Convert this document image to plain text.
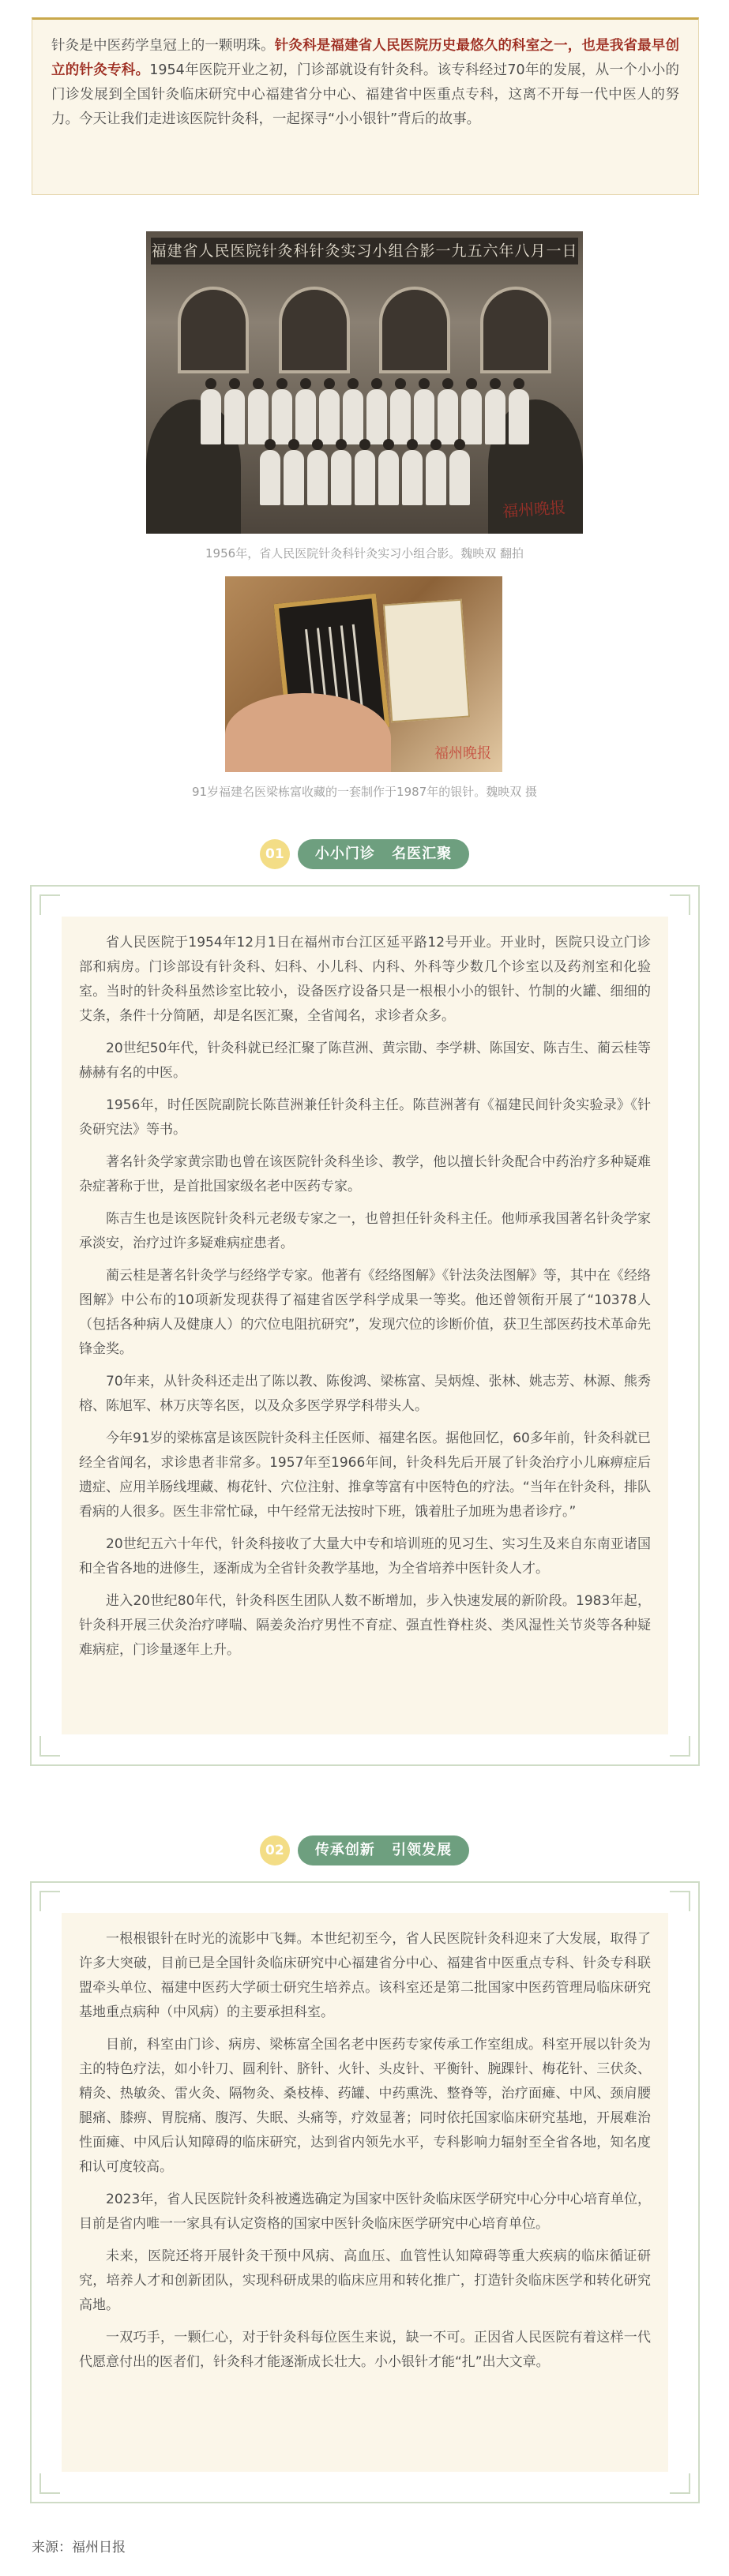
针灸是中医药学皇冠上的一颗明珠。针灸科是福建省人民医院历史最悠久的科室之一，也是我省最早创立的针灸专科。1954年医院开业之初，门诊部就设有针灸科。该专科经过70年的发展，从一个小小的门诊发展到全国针灸临床研究中心福建省分中心、福建省中医重点专科，这离不开每一代中医人的努力。今天让我们走进该医院针灸科，一起探寻“小小银针”背后的故事。
福建省人民医院针灸科针灸实习小组合影一九五六年八月一日
福州晚报
1956年，省人民医院针灸科针灸实习小组合影。魏映双 翻拍
福州晚报
91岁福建名医梁栋富收藏的一套制作于1987年的银针。魏映双 摄
01	小小门诊 名医汇聚

省人民医院于1954年12月1日在福州市台江区延平路12号开业。开业时，医院只设立门诊部和病房。门诊部设有针灸科、妇科、小儿科、内科、外科等少数几个诊室以及药剂室和化验室。当时的针灸科虽然诊室比较小，设备医疗设备只是一根根小小的银针、竹制的火罐、细细的艾条，条件十分简陋，却是名医汇聚，全省闻名，求诊者众多。

20世纪50年代，针灸科就已经汇聚了陈苣洲、黄宗勖、李学耕、陈国安、陈吉生、蔺云桂等赫赫有名的中医。

1956年，时任医院副院长陈苣洲兼任针灸科主任。陈苣洲著有《福建民间针灸实验录》《针灸研究法》等书。

著名针灸学家黄宗勖也曾在该医院针灸科坐诊、教学，他以擅长针灸配合中药治疗多种疑难杂症著称于世，是首批国家级名老中医药专家。

陈吉生也是该医院针灸科元老级专家之一，也曾担任针灸科主任。他师承我国著名针灸学家承淡安，治疗过许多疑难病症患者。

蔺云桂是著名针灸学与经络学专家。他著有《经络图解》《针法灸法图解》等，其中在《经络图解》中公布的10项新发现获得了福建省医学科学成果一等奖。他还曾领衔开展了“10378人（包括各种病人及健康人）的穴位电阻抗研究”，发现穴位的诊断价值，获卫生部医药技术革命先锋金奖。

70年来，从针灸科还走出了陈以教、陈俊鸿、梁栋富、吴炳煌、张林、姚志芳、林源、熊秀榕、陈旭军、林万庆等名医，以及众多医学界学科带头人。

今年91岁的梁栋富是该医院针灸科主任医师、福建名医。据他回忆，60多年前，针灸科就已经全省闻名，求诊患者非常多。1957年至1966年间，针灸科先后开展了针灸治疗小儿麻痹症后遗症、应用羊肠线埋藏、梅花针、穴位注射、推拿等富有中医特色的疗法。“当年在针灸科，排队看病的人很多。医生非常忙碌，中午经常无法按时下班，饿着肚子加班为患者诊疗。”

20世纪五六十年代，针灸科接收了大量大中专和培训班的见习生、实习生及来自东南亚诸国和全省各地的进修生，逐渐成为全省针灸教学基地，为全省培养中医针灸人才。

进入20世纪80年代，针灸科医生团队人数不断增加，步入快速发展的新阶段。1983年起，针灸科开展三伏灸治疗哮喘、隔姜灸治疗男性不育症、强直性脊柱炎、类风湿性关节炎等各种疑难病症，门诊量逐年上升。

02	传承创新 引领发展

一根根银针在时光的流影中飞舞。本世纪初至今，省人民医院针灸科迎来了大发展，取得了许多大突破，目前已是全国针灸临床研究中心福建省分中心、福建省中医重点专科、针灸专科联盟牵头单位、福建中医药大学硕士研究生培养点。该科室还是第二批国家中医药管理局临床研究基地重点病种（中风病）的主要承担科室。

目前，科室由门诊、病房、梁栋富全国名老中医药专家传承工作室组成。科室开展以针灸为主的特色疗法，如小针刀、圆利针、脐针、火针、头皮针、平衡针、腕踝针、梅花针、三伏灸、精灸、热敏灸、雷火灸、隔物灸、桑枝棒、药罐、中药熏洗、整脊等，治疗面瘫、中风、颈肩腰腿痛、膝痹、胃脘痛、腹泻、失眠、头痛等，疗效显著；同时依托国家临床研究基地，开展难治性面瘫、中风后认知障碍的临床研究，达到省内领先水平，专科影响力辐射至全省各地，知名度和认可度较高。

2023年，省人民医院针灸科被遴选确定为国家中医针灸临床医学研究中心分中心培育单位，目前是省内唯一一家具有认定资格的国家中医针灸临床医学研究中心培育单位。

未来，医院还将开展针灸干预中风病、高血压、血管性认知障碍等重大疾病的临床循证研究，培养人才和创新团队，实现科研成果的临床应用和转化推广，打造针灸临床医学和转化研究高地。

一双巧手，一颗仁心，对于针灸科每位医生来说，缺一不可。正因省人民医院有着这样一代代愿意付出的医者们，针灸科才能逐渐成长壮大。小小银针才能“扎”出大文章。

来源：福州日报
